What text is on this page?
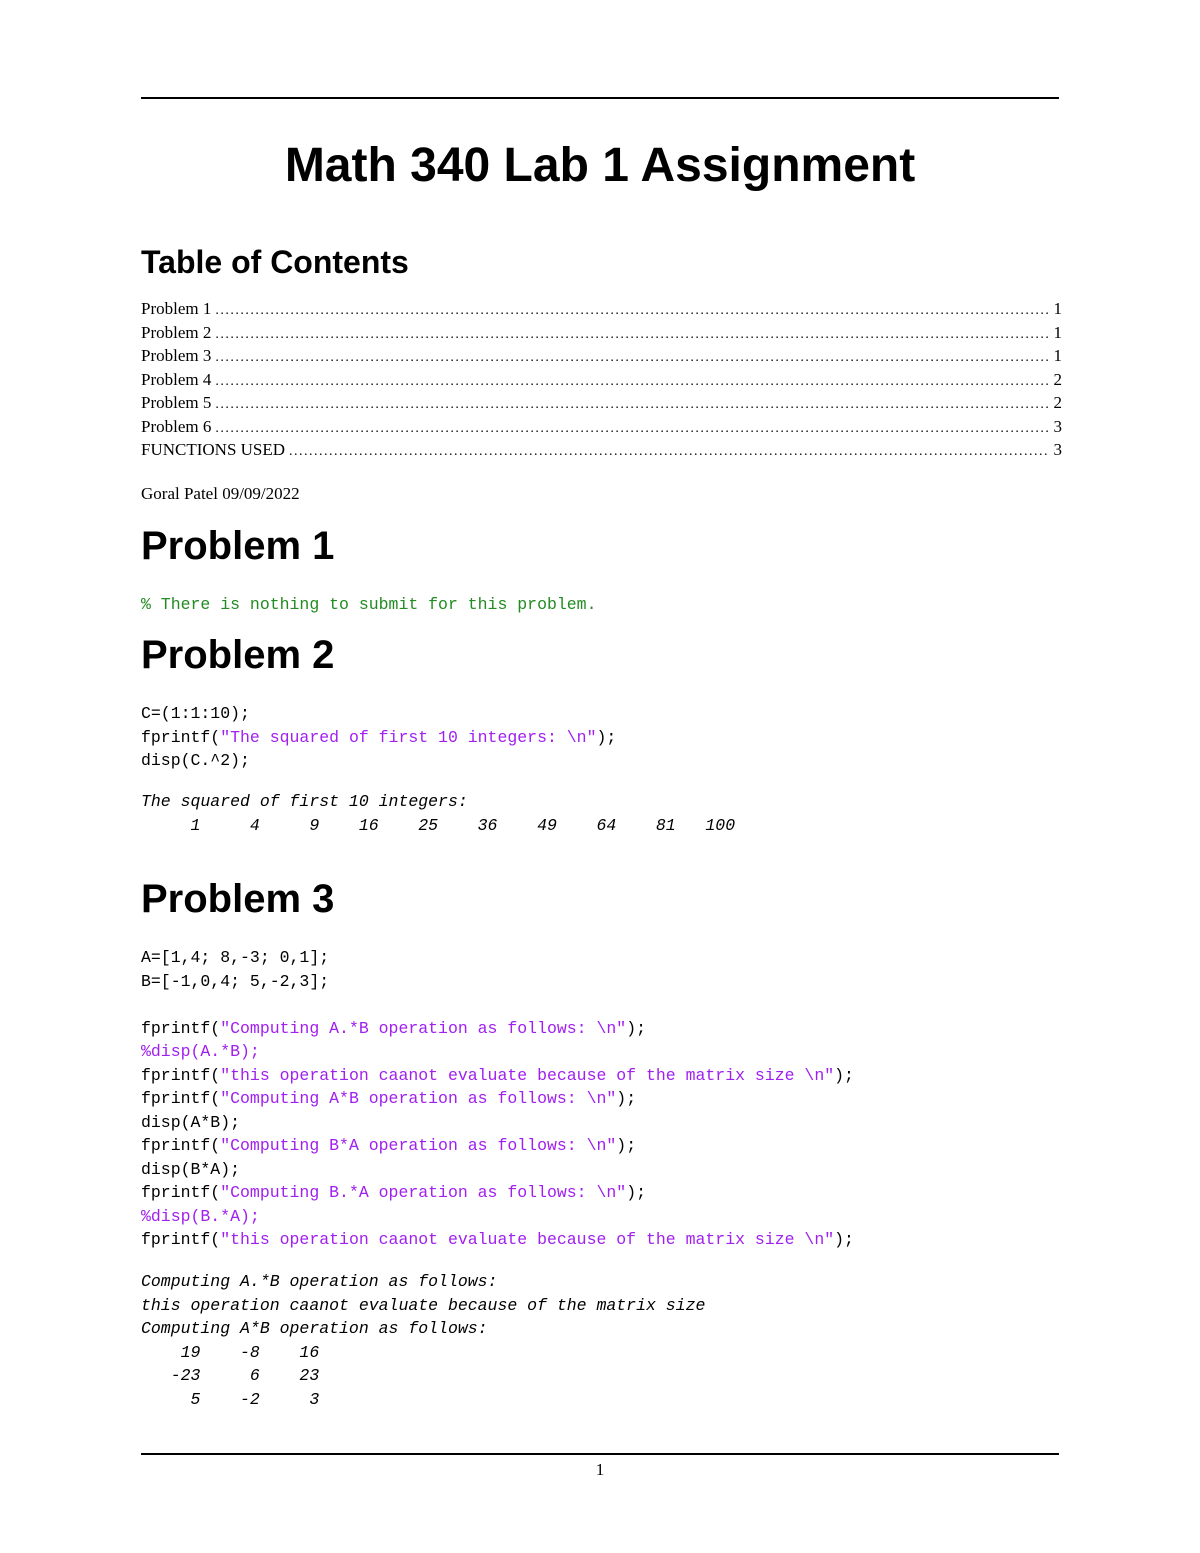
Math 340 Lab 1 Assignment
Table of Contents
Problem 1 . . .	1
Problem 2 . . .	1
Problem 3 . . .	1
Problem 4 . . .	2
Problem 5 . . .	2
Problem 6 . . .	3
FUNCTIONS USED . . .	3
Goral Patel 09/09/2022
Problem 1
% There is nothing to submit for this problem.
Problem 2
C=(1:1:10);
fprintf("The squared of first 10 integers: \n");
disp(C.^2);
The squared of first 10 integers:
1     4     9    16    25    36    49    64    81   100
Problem 3
A=[1,4; 8,-3; 0,1];
B=[-1,0,4; 5,-2,3];

fprintf("Computing A.*B operation as follows: \n");
%disp(A.*B);
fprintf("this operation caanot evaluate because of the matrix size \n");
fprintf("Computing A*B operation as follows: \n");
disp(A*B);
fprintf("Computing B*A operation as follows: \n");
disp(B*A);
fprintf("Computing B.*A operation as follows: \n");
%disp(B.*A);
fprintf("this operation caanot evaluate because of the matrix size \n");
Computing A.*B operation as follows:
this operation caanot evaluate because of the matrix size
Computing A*B operation as follows:
19    -8    16
-23     6    23
5    -2     3
1
